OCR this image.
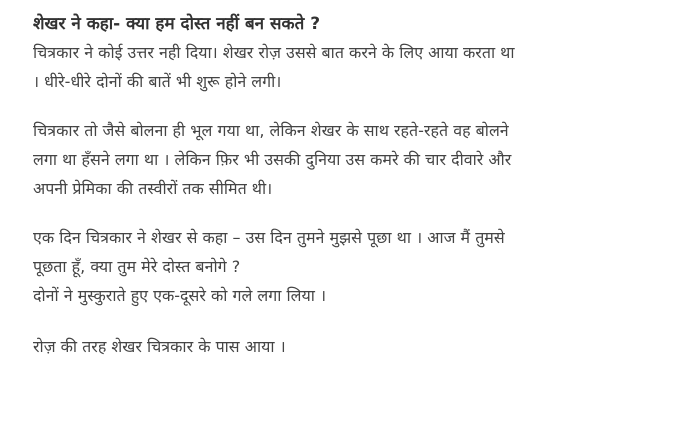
शेखर ने कहा- क्या हम दोस्त नहीं बन सकते ?

चित्रकार ने कोई उत्तर नही दिया। शेखर रोज़ उससे बात करने के लिए आया करता था
। धीरे-धीरे दोनों की बातें भी शुरू होने लगी।

चित्रकार तो जैसे बोलना ही भूल गया था, लेकिन शेखर के साथ रहते-रहते वह बोलने
लगा था हँसने लगा था । लेकिन फ़िर भी उसकी दुनिया उस कमरे की चार दीवारे और
अपनी प्रेमिका की तस्वीरों तक सीमित थी।

एक दिन चित्रकार ने शेखर से कहा – उस दिन तुमने मुझसे पूछा था । आज मैं तुमसे
पूछता हूँ, क्या तुम मेरे दोस्त बनोगे ?
दोनों ने मुस्कुराते हुए एक-दूसरे को गले लगा लिया ।

रोज़ की तरह शेखर चित्रकार के पास आया ।
